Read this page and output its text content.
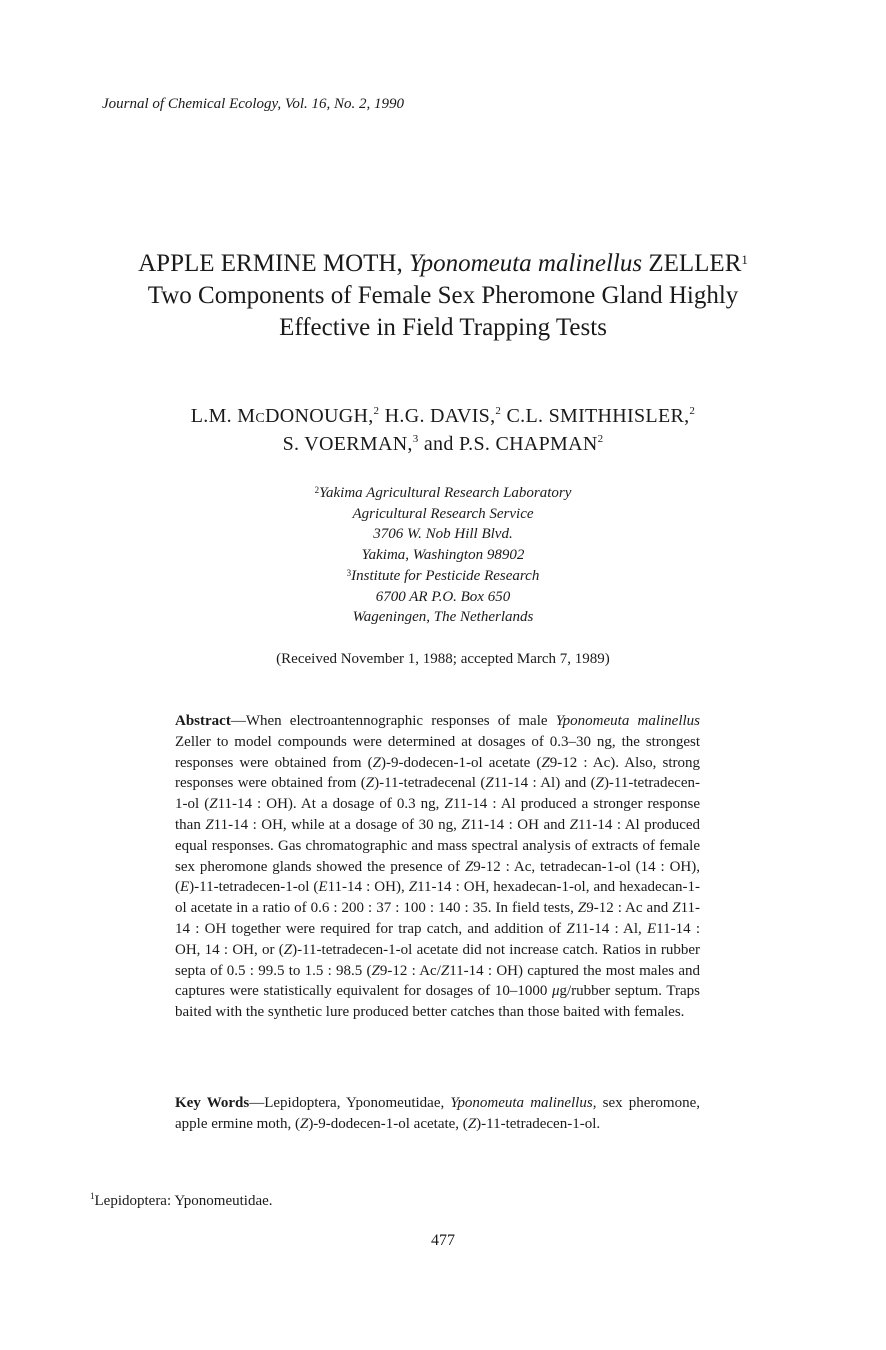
Journal of Chemical Ecology, Vol. 16, No. 2, 1990
APPLE ERMINE MOTH, Yponomeuta malinellus ZELLER$^1$
Two Components of Female Sex Pheromone Gland Highly
Effective in Field Trapping Tests
L.M. McDONOUGH,$^2$ H.G. DAVIS,$^2$ C.L. SMITHHISLER,$^2$
S. VOERMAN,$^3$ and P.S. CHAPMAN$^2$
$^2$Yakima Agricultural Research Laboratory
Agricultural Research Service
3706 W. Nob Hill Blvd.
Yakima, Washington 98902
$^3$Institute for Pesticide Research
6700 AR P.O. Box 650
Wageningen, The Netherlands
(Received November 1, 1988; accepted March 7, 1989)
Abstract—When electroantennographic responses of male Yponomeuta malinellus Zeller to model compounds were determined at dosages of 0.3–30 ng, the strongest responses were obtained from (Z)-9-dodecen-1-ol acetate (Z9-12 : Ac). Also, strong responses were obtained from (Z)-11-tetradecenal (Z11-14 : Al) and (Z)-11-tetradecen-1-ol (Z11-14 : OH). At a dosage of 0.3 ng, Z11-14 : Al produced a stronger response than Z11-14 : OH, while at a dosage of 30 ng, Z11-14 : OH and Z11-14 : Al produced equal responses. Gas chromatographic and mass spectral analysis of extracts of female sex pheromone glands showed the presence of Z9-12 : Ac, tetradecan-1-ol (14 : OH), (E)-11-tetradecen-1-ol (E11-14 : OH), Z11-14 : OH, hexadecan-1-ol, and hexadecan-1-ol acetate in a ratio of 0.6 : 200 : 37 : 100 : 140 : 35. In field tests, Z9-12 : Ac and Z11-14 : OH together were required for trap catch, and addition of Z11-14 : Al, E11-14 : OH, 14 : OH, or (Z)-11-tetradecen-1-ol acetate did not increase catch. Ratios in rubber septa of 0.5 : 99.5 to 1.5 : 98.5 (Z9-12 : Ac/Z11-14 : OH) captured the most males and captures were statistically equivalent for dosages of 10–1000 μg/rubber septum. Traps baited with the synthetic lure produced better catches than those baited with females.
Key Words—Lepidoptera, Yponomeutidae, Yponomeuta malinellus, sex pheromone, apple ermine moth, (Z)-9-dodecen-1-ol acetate, (Z)-11-tetradecen-1-ol.
$^1$Lepidoptera: Yponomeutidae.
477
